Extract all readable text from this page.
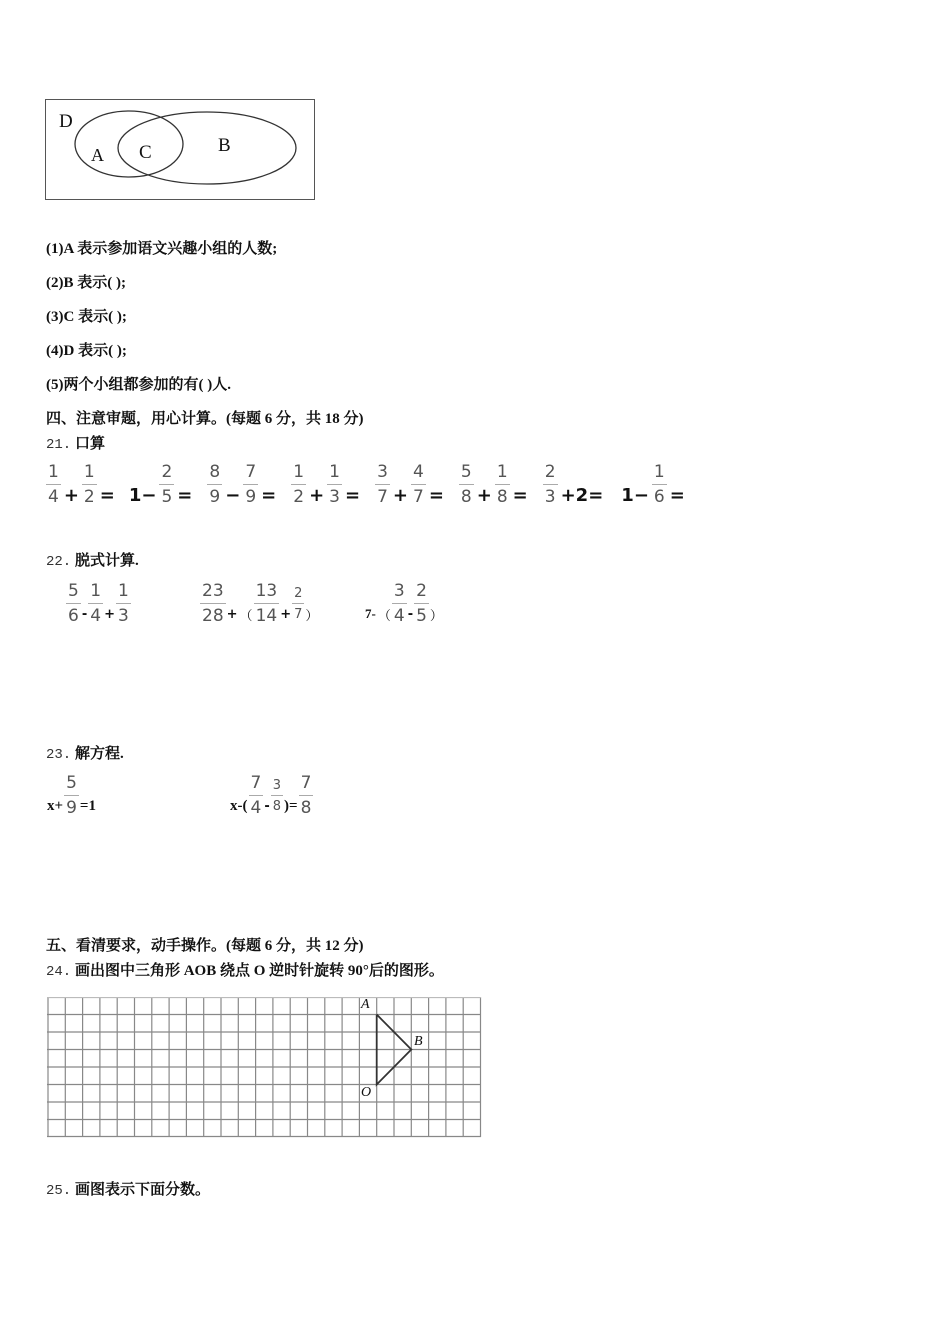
D
A C	B
(1)A 表示参加语文兴趣小组的人数;
(2)B 表示( );
(3)C 表示( );
(4)D 表示( );
(5)两个小组都参加的有( )人.
四、注意审题，用心计算。(每题 6 分，共 18 分)
21. 口算
$\frac{1}{4} + \frac{1}{2} = 1- \frac{2}{5} = \frac{8}{9} - \frac{7}{9} = \frac{1}{2} + \frac{1}{3} = \frac{3}{7} + \frac{4}{7} = \frac{5}{8} + \frac{1}{8} = \frac{2}{3} +2= 1- \frac{1}{6}$ =
22. 脱式计算.
$\frac{5}{6} - \frac{1}{4} + \frac{1}{3}$	$\frac{23}{28}$ + （ $\frac{13}{14} + \frac{2}{7}$ ）	7- （ $\frac{3}{4} - \frac{2}{5}$ ）
23. 解方程.
$x+ \frac{5}{9} =1$	$x-( \frac{7}{4} - \frac{3}{8}$ )= $\frac{7}{8}$
五、看清要求，动手操作。(每题 6 分，共 12 分)
24. 画出图中三角形 AOB 绕点 O 逆时针旋转 90°后的图形。
A
B
O
25. 画图表示下面分数。
